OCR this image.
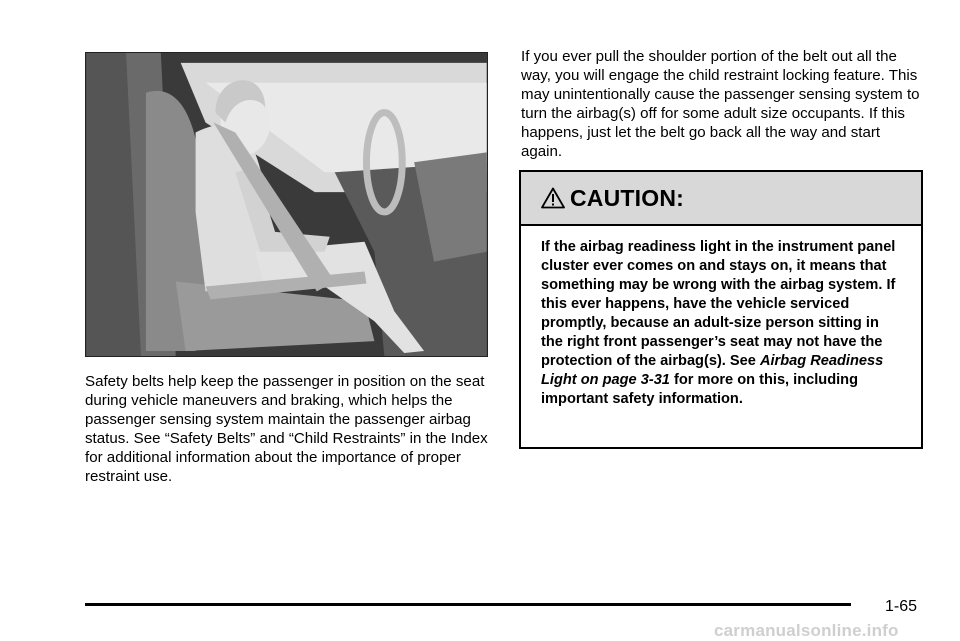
Safety belts help keep the passenger in position on the seat during vehicle maneuvers and braking, which helps the passenger sensing system maintain the passenger airbag status. See “Safety Belts” and “Child Restraints” in the Index for additional information about the importance of proper restraint use.
If you ever pull the shoulder portion of the belt out all the way, you will engage the child restraint locking feature. This may unintentionally cause the passenger sensing system to turn the airbag(s) off for some adult size occupants. If this happens, just let the belt go back all the way and start again.
CAUTION:
If the airbag readiness light in the instrument panel cluster ever comes on and stays on, it means that something may be wrong with the airbag system. If this ever happens, have the vehicle serviced promptly, because an adult-size person sitting in the right front passenger’s seat may not have the protection of the airbag(s). See Airbag Readiness Light on page 3-31 for more on this, including important safety information.
1-65
carmanualsonline.info
